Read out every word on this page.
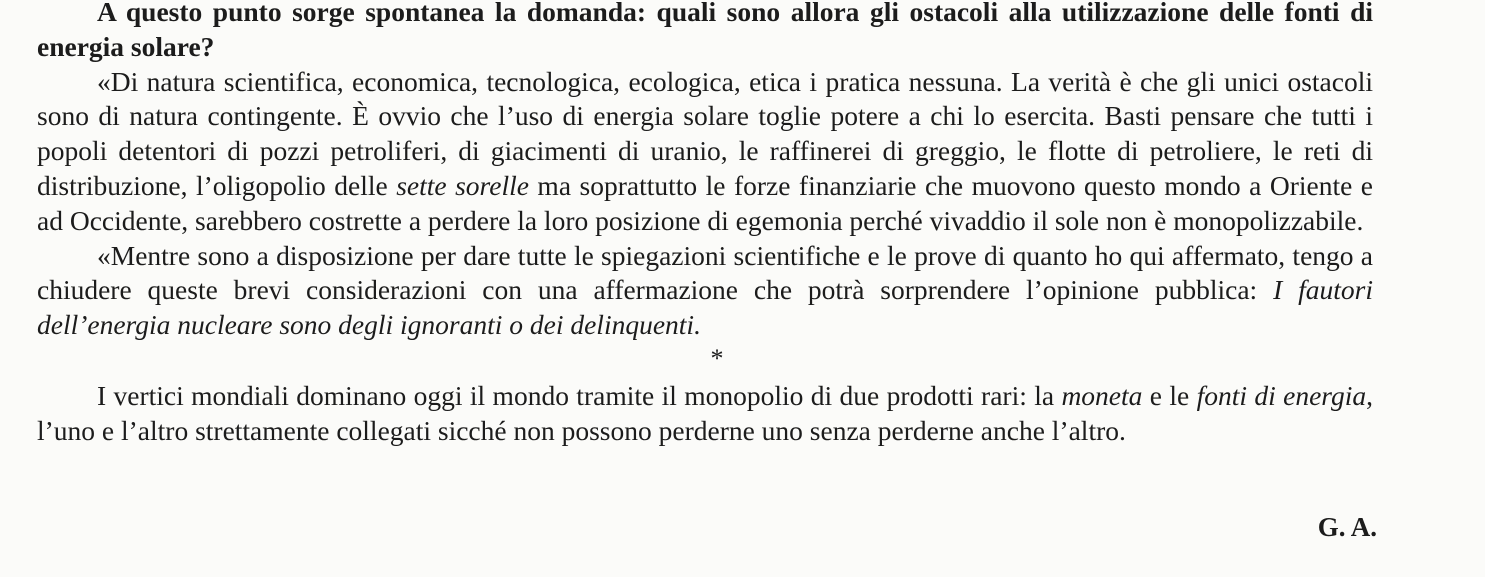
A questo punto sorge spontanea la domanda: quali sono allora gli ostacoli alla utilizzazione delle fonti di energia solare?

«Di natura scientifica, economica, tecnologica, ecologica, etica i pratica nessuna. La verità è che gli unici ostacoli sono di natura contingente. È ovvio che l’uso di energia solare toglie potere a chi lo esercita. Basti pensare che tutti i popoli detentori di pozzi petroliferi, di giacimenti di uranio, le raffinerei di greggio, le flotte di petroliere, le reti di distribuzione, l’oligopolio delle sette sorelle ma soprattutto le forze finanziarie che muovono questo mondo a Oriente e ad Occidente, sarebbero costrette a perdere la loro posizione di egemonia perché vivaddio il sole non è monopolizzabile.

«Mentre sono a disposizione per dare tutte le spiegazioni scientifiche e le prove di quanto ho qui affermato, tengo a chiudere queste brevi considerazioni con una affermazione che potrà sorprendere l’opinione pubblica: I fautori dell’energia nucleare sono degli ignoranti o dei delinquenti.

*

I vertici mondiali dominano oggi il mondo tramite il monopolio di due prodotti rari: la moneta e le fonti di energia, l’uno e l’altro strettamente collegati sicché non possono perderne uno senza perderne anche l’altro.

G. A.
